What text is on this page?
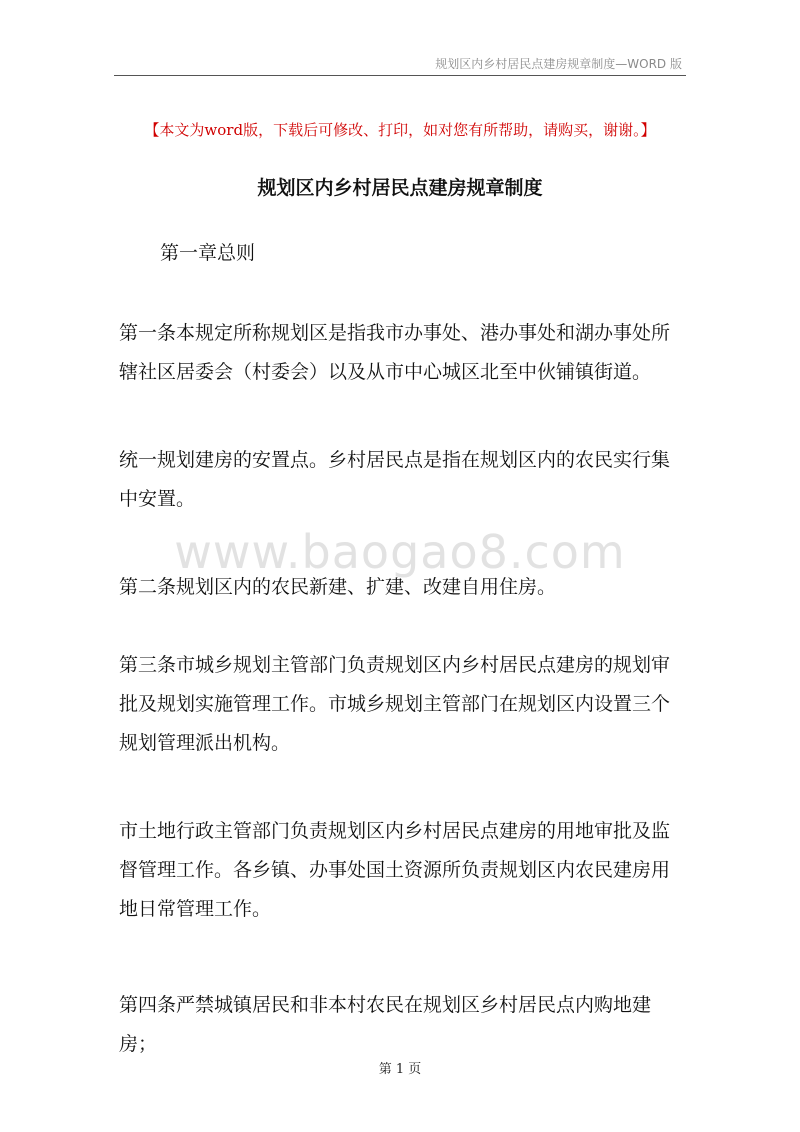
规划区内乡村居民点建房规章制度—WORD 版
【本文为word版，下载后可修改、打印，如对您有所帮助，请购买，谢谢。】
规划区内乡村居民点建房规章制度
第一章总则

第一条本规定所称规划区是指我市办事处、港办事处和湖办事处所辖社区居委会（村委会）以及从市中心城区北至中伙铺镇街道。

统一规划建房的安置点。乡村居民点是指在规划区内的农民实行集中安置。

第二条规划区内的农民新建、扩建、改建自用住房。

第三条市城乡规划主管部门负责规划区内乡村居民点建房的规划审批及规划实施管理工作。市城乡规划主管部门在规划区内设置三个规划管理派出机构。

市土地行政主管部门负责规划区内乡村居民点建房的用地审批及监督管理工作。各乡镇、办事处国土资源所负责规划区内农民建房用地日常管理工作。

第四条严禁城镇居民和非本村农民在规划区乡村居民点内购地建房；

www.baogao8.com
第 1 页
